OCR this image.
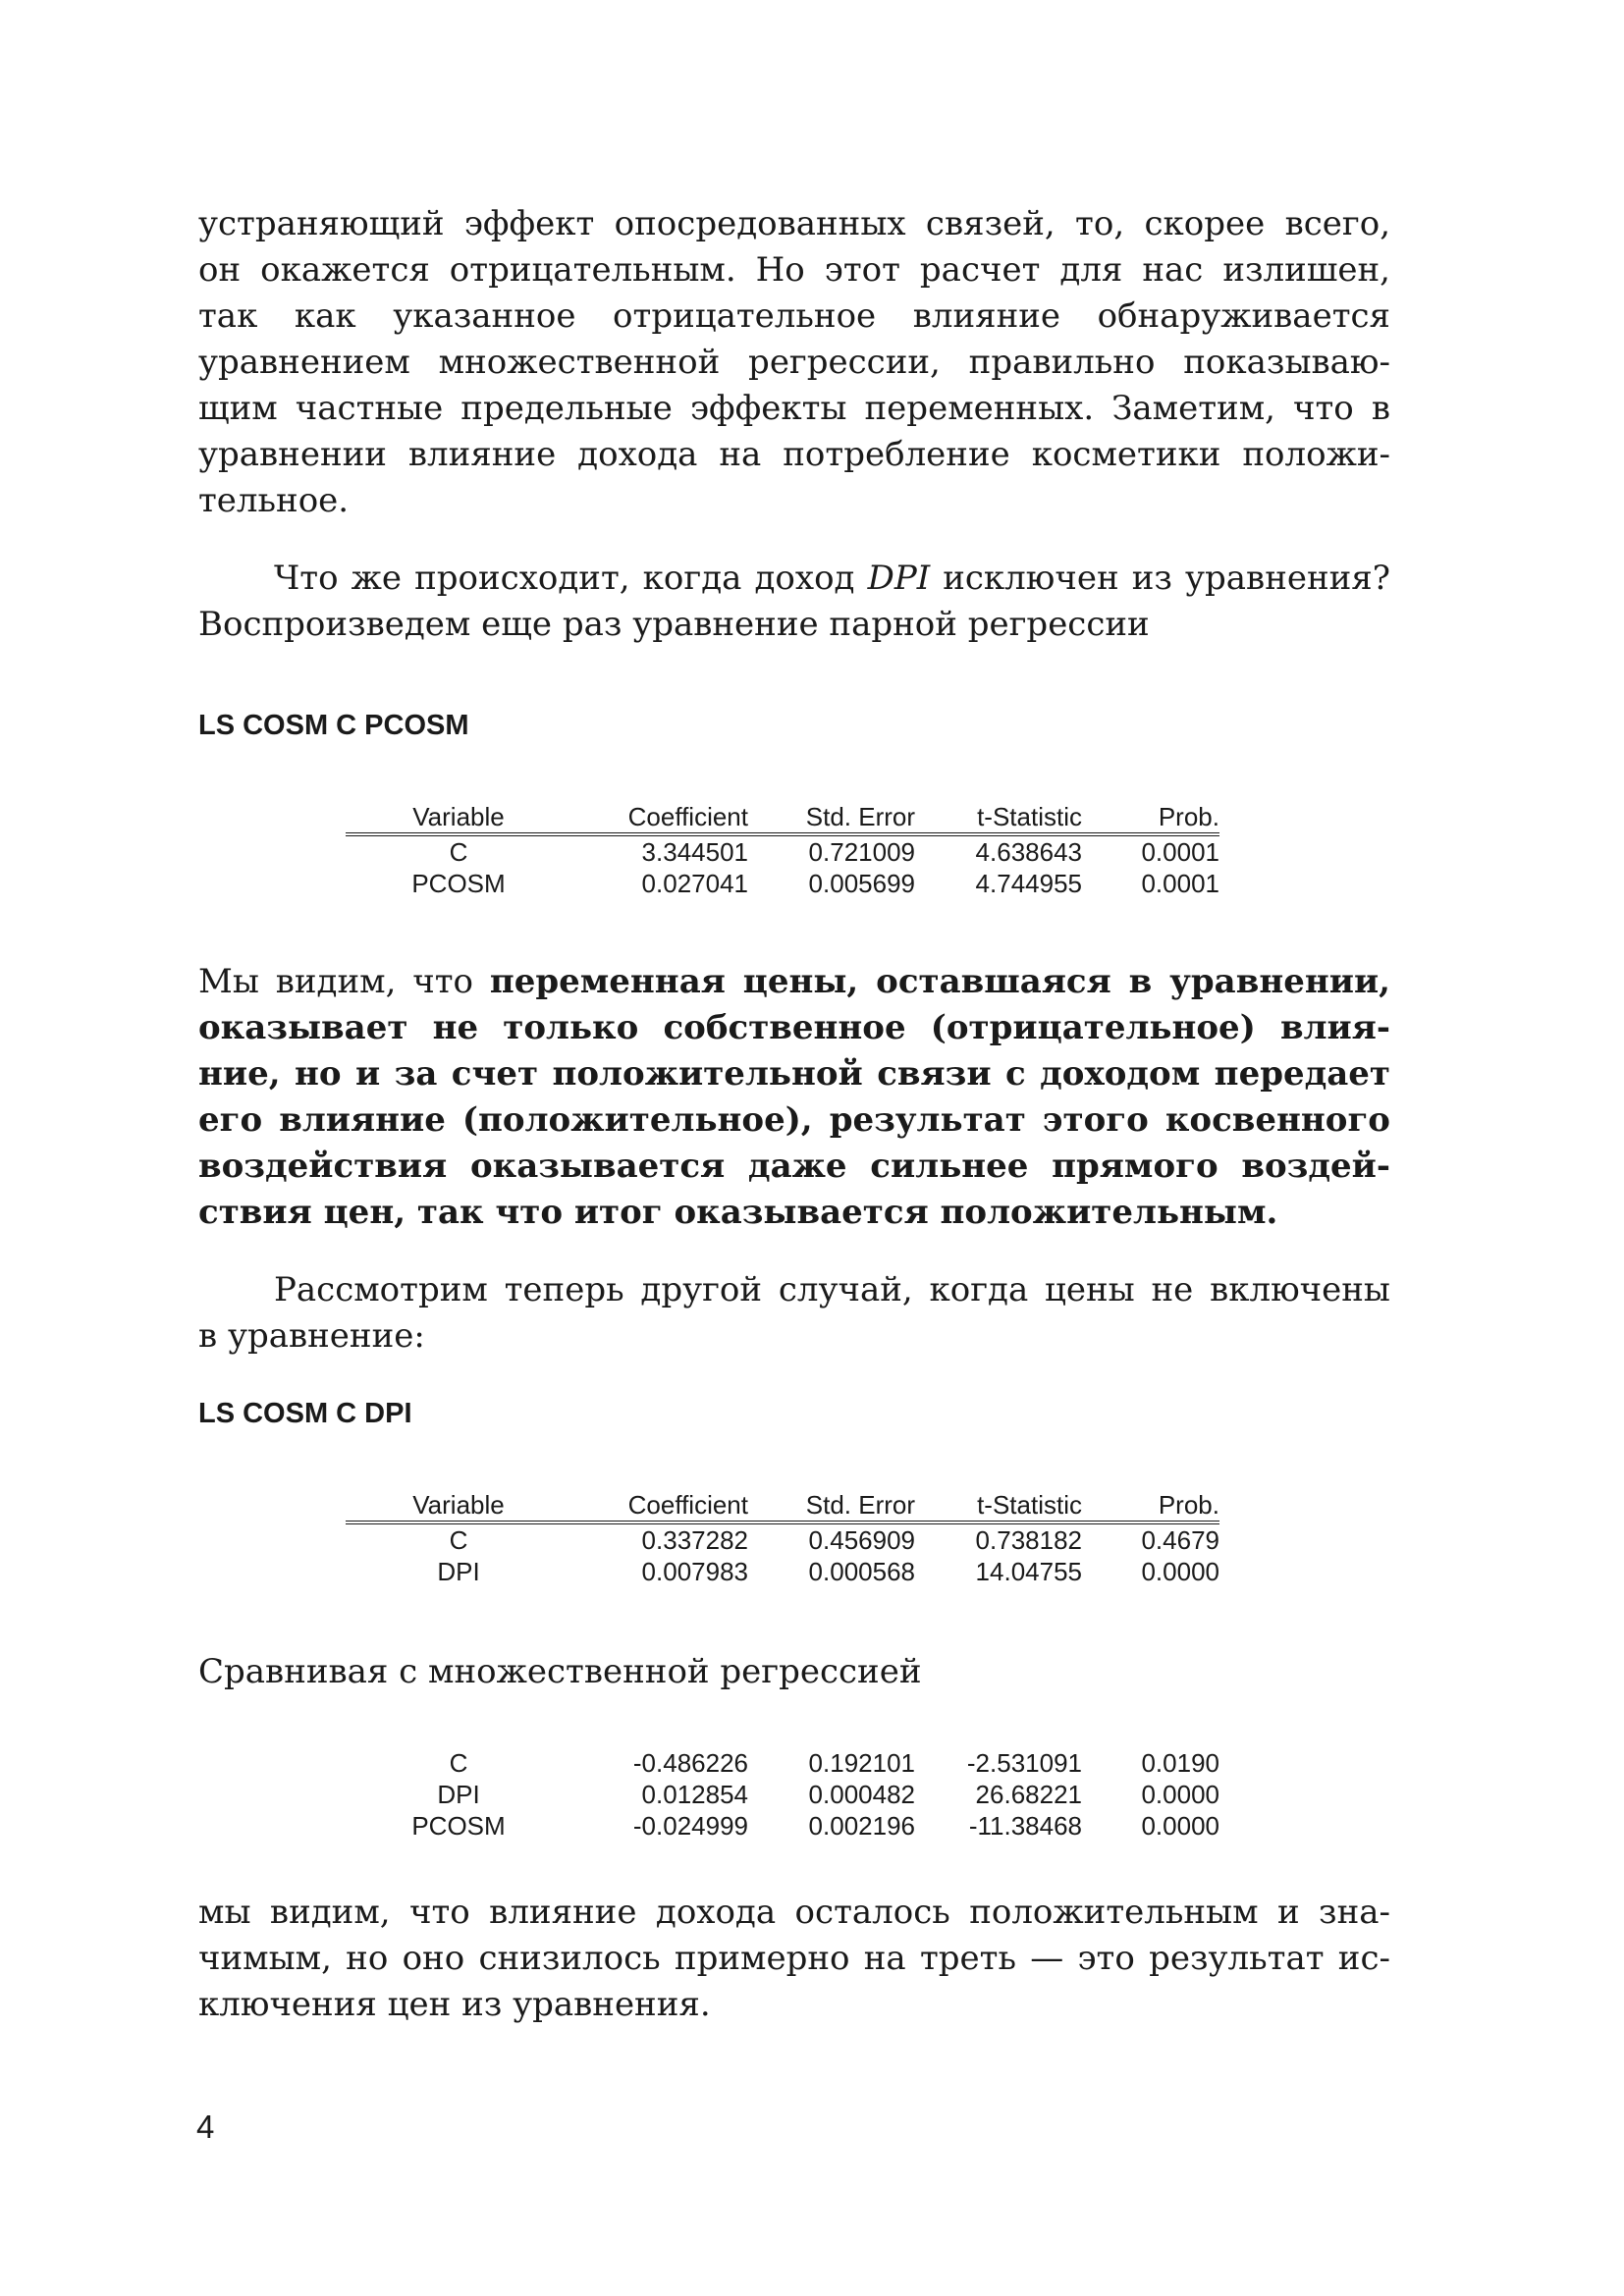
устраняющий эффект опосредованных связей, то, скорее всего,
он окажется отрицательным. Но этот расчет для нас излишен,
так как указанное отрицательное влияние обнаруживается
уравнением множественной регрессии, правильно показываю-
щим частные предельные эффекты переменных. Заметим, что в
уравнении влияние дохода на потребление косметики положи-
тельное.
Что же происходит, когда доход DPI исключен из уравнения?
Воспроизведем еще раз уравнение парной регрессии
LS COSM C PCOSM
Variable	Coefficient	Std. Error	t-Statistic	Prob.
C	3.344501	0.721009	4.638643	0.0001
PCOSM	0.027041	0.005699	4.744955	0.0001
Мы видим, что переменная цены, оставшаяся в уравнении,
оказывает не только собственное (отрицательное) влия-
ние, но и за счет положительной связи с доходом передает
его влияние (положительное), результат этого косвенного
воздействия оказывается даже сильнее прямого воздей-
ствия цен, так что итог оказывается положительным.
Рассмотрим теперь другой случай, когда цены не включены
в уравнение:
LS COSM C DPI
Variable	Coefficient	Std. Error	t-Statistic	Prob.
C	0.337282	0.456909	0.738182	0.4679
DPI	0.007983	0.000568	14.04755	0.0000
Сравнивая с множественной регрессией
C	-0.486226	0.192101	-2.531091	0.0190
DPI	0.012854	0.000482	26.68221	0.0000
PCOSM	-0.024999	0.002196	-11.38468	0.0000
мы видим, что влияние дохода осталось положительным и зна-
чимым, но оно снизилось примерно на треть — это результат ис-
ключения цен из уравнения.
4
